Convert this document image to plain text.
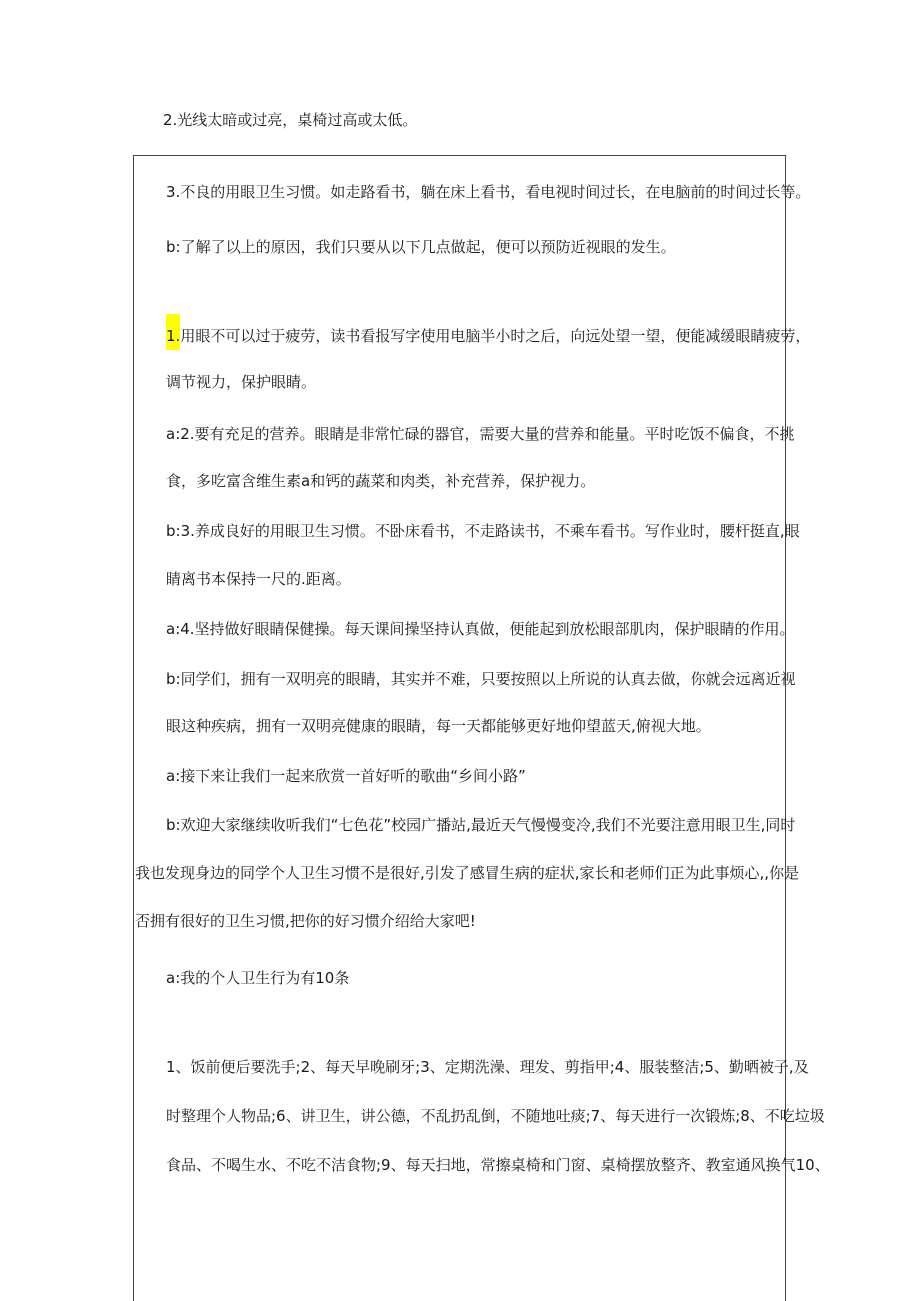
2.光线太暗或过亮，桌椅过高或太低。
3.不良的用眼卫生习惯。如走路看书，躺在床上看书，看电视时间过长，在电脑前的时间过长等。
b:了解了以上的原因，我们只要从以下几点做起，便可以预防近视眼的发生。
1.用眼不可以过于疲劳，读书看报写字使用电脑半小时之后，向远处望一望，便能减缓眼睛疲劳，
调节视力，保护眼睛。
a:2.要有充足的营养。眼睛是非常忙碌的器官，需要大量的营养和能量。平时吃饭不偏食，不挑
食，多吃富含维生素a和钙的蔬菜和肉类，补充营养，保护视力。
b:3.养成良好的用眼卫生习惯。不卧床看书，不走路读书，不乘车看书。写作业时，腰杆挺直,眼
睛离书本保持一尺的.距离。
a:4.坚持做好眼睛保健操。每天课间操坚持认真做，便能起到放松眼部肌肉，保护眼睛的作用。
b:同学们，拥有一双明亮的眼睛，其实并不难，只要按照以上所说的认真去做，你就会远离近视
眼这种疾病，拥有一双明亮健康的眼睛，每一天都能够更好地仰望蓝天,俯视大地。
a:接下来让我们一起来欣赏一首好听的歌曲“乡间小路”
b:欢迎大家继续收听我们“七色花”校园广播站,最近天气慢慢变冷,我们不光要注意用眼卫生,同时
我也发现身边的同学个人卫生习惯不是很好,引发了感冒生病的症状,家长和老师们正为此事烦心,,你是
否拥有很好的卫生习惯,把你的好习惯介绍给大家吧!
a:我的个人卫生行为有10条
1、饭前便后要洗手;2、每天早晚刷牙;3、定期洗澡、理发、剪指甲;4、服装整洁;5、勤晒被子,及
时整理个人物品;6、讲卫生，讲公德，不乱扔乱倒，不随地吐痰;7、每天进行一次锻炼;8、不吃垃圾
食品、不喝生水、不吃不洁食物;9、每天扫地，常擦桌椅和门窗、桌椅摆放整齐、教室通风换气10、
